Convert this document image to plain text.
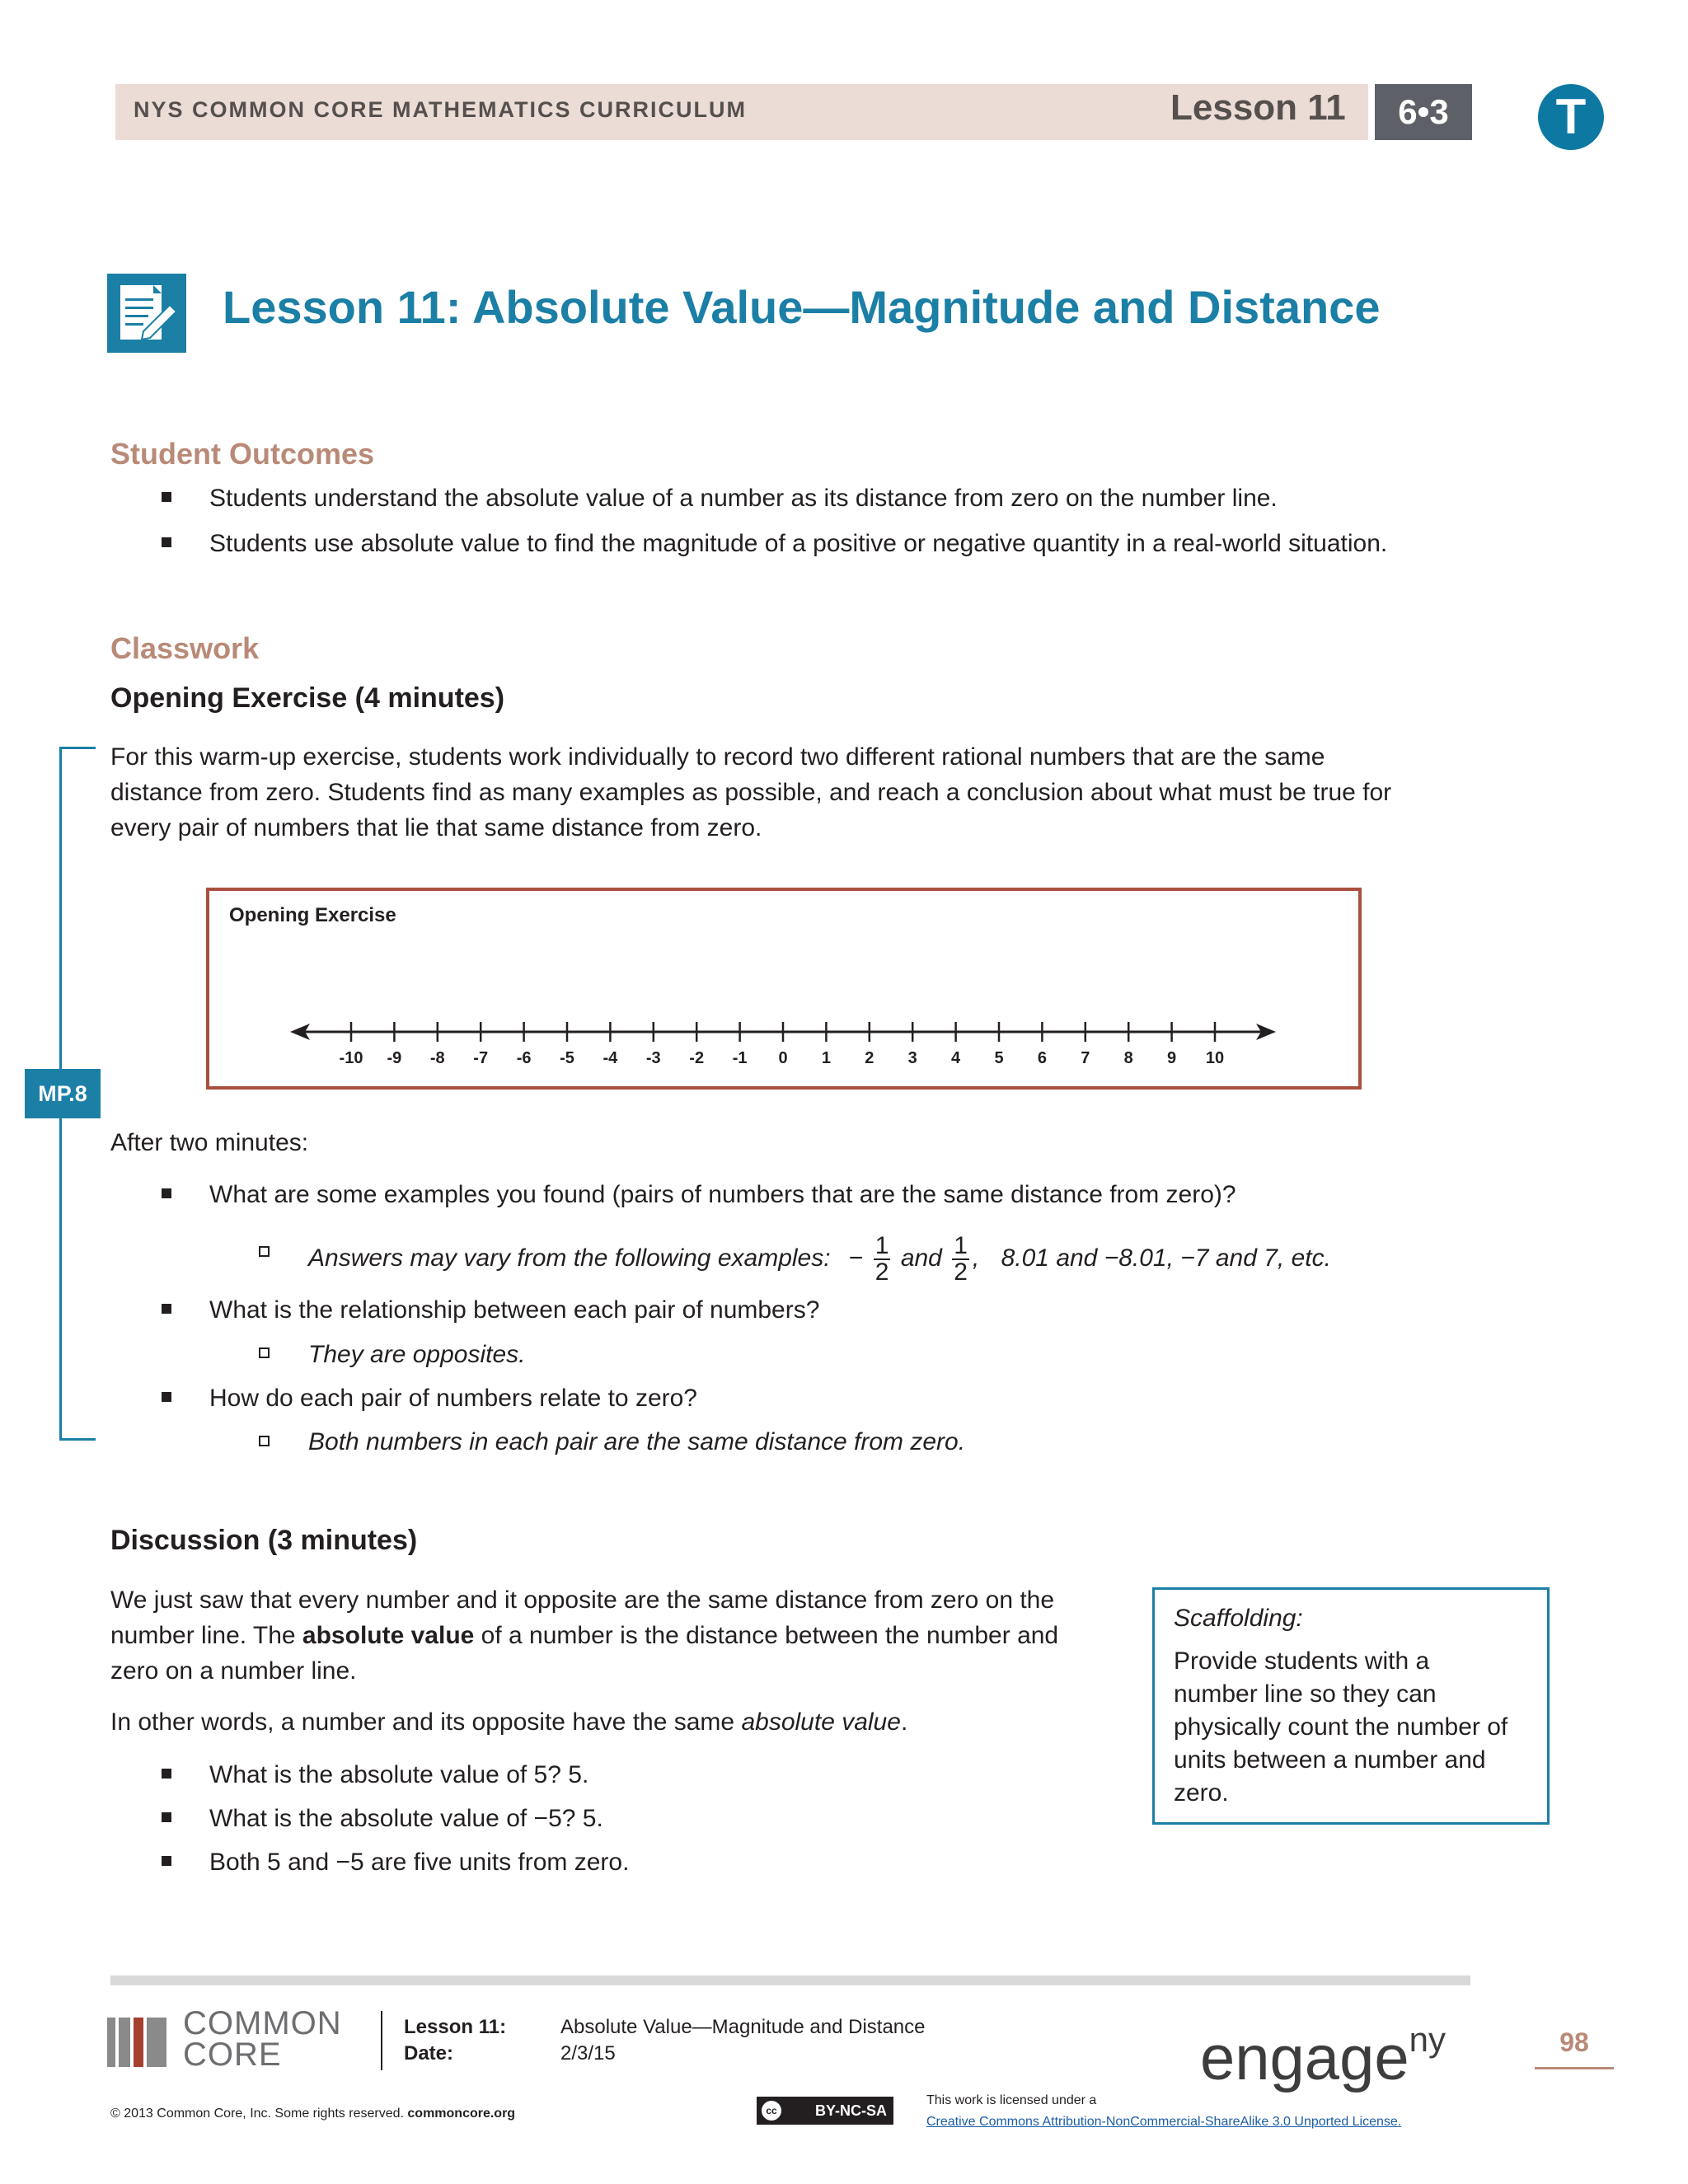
NYS COMMON CORE MATHEMATICS CURRICULUM	Lesson 11	6•3	T
Lesson 11: Absolute Value—Magnitude and Distance
Student Outcomes
Students understand the absolute value of a number as its distance from zero on the number line.
Students use absolute value to find the magnitude of a positive or negative quantity in a real-world situation.
Classwork
Opening Exercise (4 minutes)
MP.8
For this warm-up exercise, students work individually to record two different rational numbers that are the same
distance from zero. Students find as many examples as possible, and reach a conclusion about what must be true for
every pair of numbers that lie that same distance from zero.
Opening Exercise
-10 -9 -8 -7 -6 -5 -4 -3 -2 -1 0 1 2 3 4 5 6 7 8 9 10
After two minutes:
What are some examples you found (pairs of numbers that are the same distance from zero)?
Answers may vary from the following examples: − $\frac{1}{2}$ and $\frac{1}{2}$ , 8.01 and −8.01, −7 and 7, etc.
What is the relationship between each pair of numbers?
They are opposites.
How do each pair of numbers relate to zero?
Both numbers in each pair are the same distance from zero.
Discussion (3 minutes)
We just saw that every number and it opposite are the same distance from zero on the
number line. The absolute value of a number is the distance between the number and
zero on a number line.
In other words, a number and its opposite have the same absolute value.
What is the absolute value of 5? 5.
What is the absolute value of −5? 5.
Both 5 and −5 are five units from zero.
Scaffolding:
Provide students with a
number line so they can
physically count the number of
units between a number and
zero.
COMMON
CORE
Lesson 11:	Absolute Value—Magnitude and Distance
Date:	2/3/15	engage$^{ny}$	98
© 2013 Common Core, Inc. Some rights reserved. commoncore.org	cc	BY-NC-SA
This work is licensed under a
Creative Commons Attribution-NonCommercial-ShareAlike 3.0 Unported License.
